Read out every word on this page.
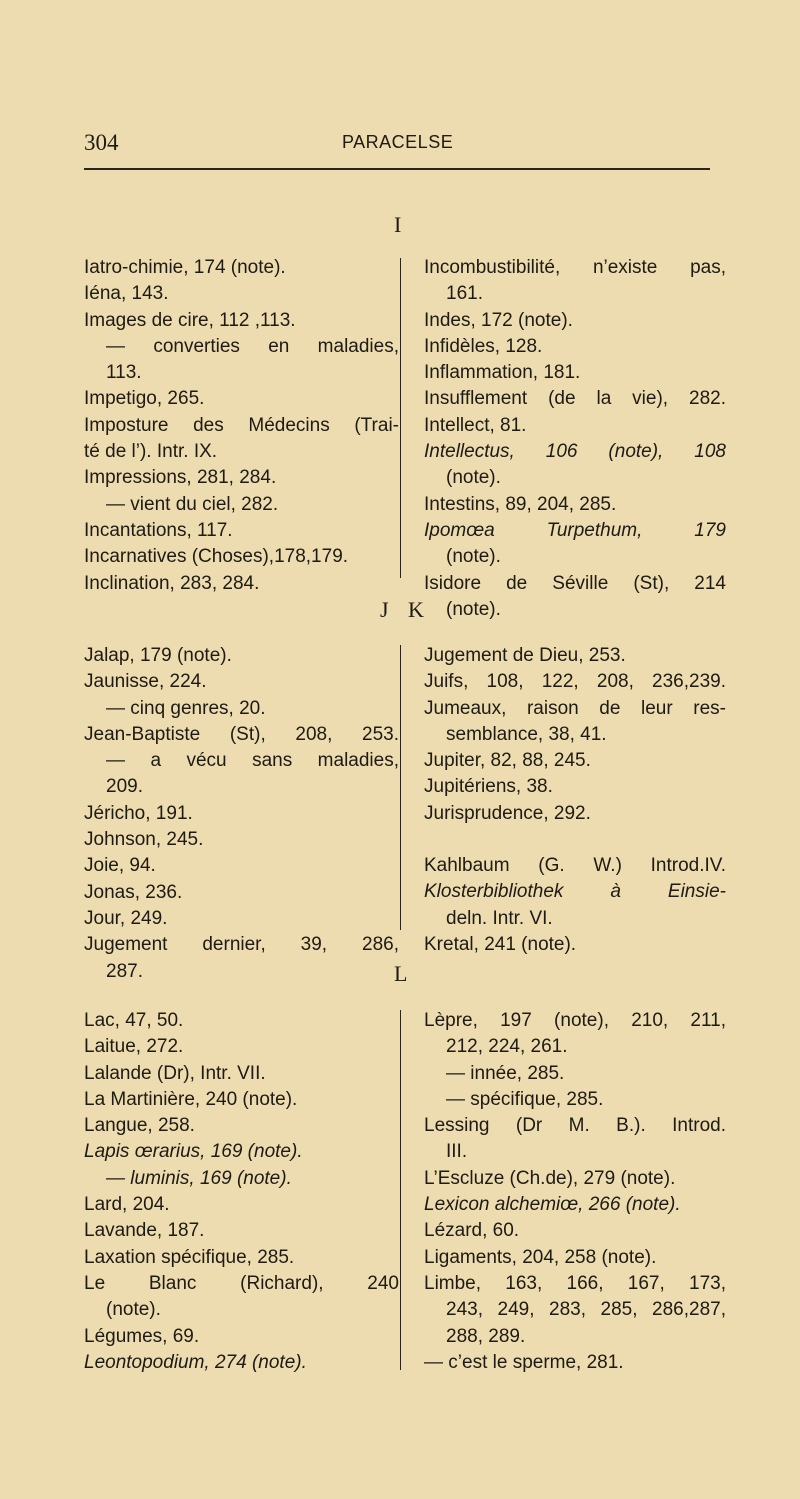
304	PARACELSE
I
Iatro-chimie, 174 (note).
Iéna, 143.
Images de cire, 112 ,113.
— converties en maladies,
113.
Impetigo, 265.
Imposture des Médecins (Trai-
té de l’). Intr. IX.
Impressions, 281, 284.
— vient du ciel, 282.
Incantations, 117.
Incarnatives (Choses),178,179.
Inclination, 283, 284.
Incombustibilité, n’existe pas,
161.
Indes, 172 (note).
Infidèles, 128.
Inflammation, 181.
Insufflement (de la vie), 282.
Intellect, 81.
Intellectus, 106 (note), 108
(note).
Intestins, 89, 204, 285.
Ipomœa Turpethum, 179
(note).
Isidore de Séville (St), 214
(note).
J K
Jalap, 179 (note).
Jaunisse, 224.
— cinq genres, 20.
Jean-Baptiste (St), 208, 253.
— a vécu sans maladies,
209.
Jéricho, 191.
Johnson, 245.
Joie, 94.
Jonas, 236.
Jour, 249.
Jugement dernier, 39, 286,
287.
Jugement de Dieu, 253.
Juifs, 108, 122, 208, 236,239.
Jumeaux, raison de leur res-
semblance, 38, 41.
Jupiter, 82, 88, 245.
Jupitériens, 38.
Jurisprudence, 292.
Kahlbaum (G. W.) Introd.IV.
Klosterbibliothek à Einsie-
deln. Intr. VI.
Kretal, 241 (note).
L
Lac, 47, 50.
Laitue, 272.
Lalande (Dr), Intr. VII.
La Martinière, 240 (note).
Langue, 258.
Lapis œrarius, 169 (note).
— luminis, 169 (note).
Lard, 204.
Lavande, 187.
Laxation spécifique, 285.
Le Blanc (Richard), 240
(note).
Légumes, 69.
Leontopodium, 274 (note).
Lèpre, 197 (note), 210, 211,
212, 224, 261.
— innée, 285.
— spécifique, 285.
Lessing (Dr M. B.). Introd.
III.
L’Escluze (Ch.de), 279 (note).
Lexicon alchemiœ, 266 (note).
Lézard, 60.
Ligaments, 204, 258 (note).
Limbe, 163, 166, 167, 173,
243, 249, 283, 285, 286,287,
288, 289.
— c’est le sperme, 281.
